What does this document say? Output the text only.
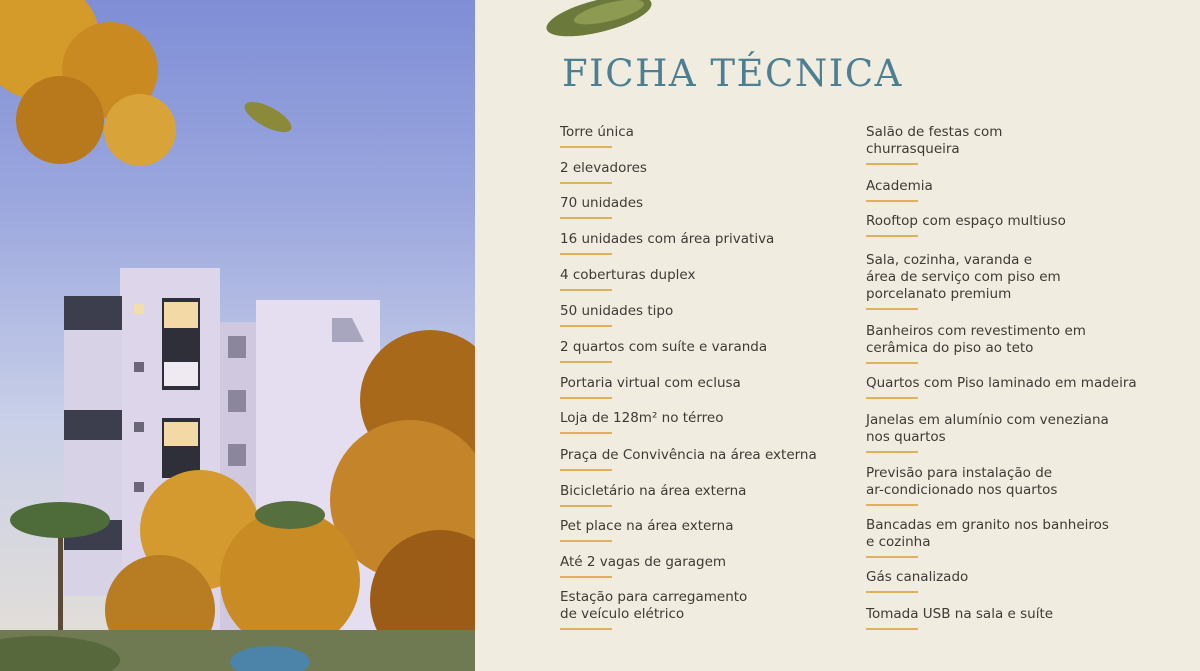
FICHA TÉCNICA
Torre única
2 elevadores
70 unidades
16 unidades com área privativa
4 coberturas duplex
50 unidades tipo
2 quartos com suíte e varanda
Portaria virtual com eclusa
Loja de 128m² no térreo
Praça de Convivência na área externa
Bicicletário na área externa
Pet place na área externa
Até 2 vagas de garagem
Estação para carregamento
de veículo elétrico
Salão de festas com
churrasqueira
Academia
Rooftop com espaço multiuso
Sala, cozinha, varanda e
área de serviço com piso em
porcelanato premium
Banheiros com revestimento em
cerâmica do piso ao teto
Quartos com Piso laminado em madeira
Janelas em alumínio com veneziana
nos quartos
Previsão para instalação de
ar-condicionado nos quartos
Bancadas em granito nos banheiros
e cozinha
Gás canalizado
Tomada USB na sala e suíte
